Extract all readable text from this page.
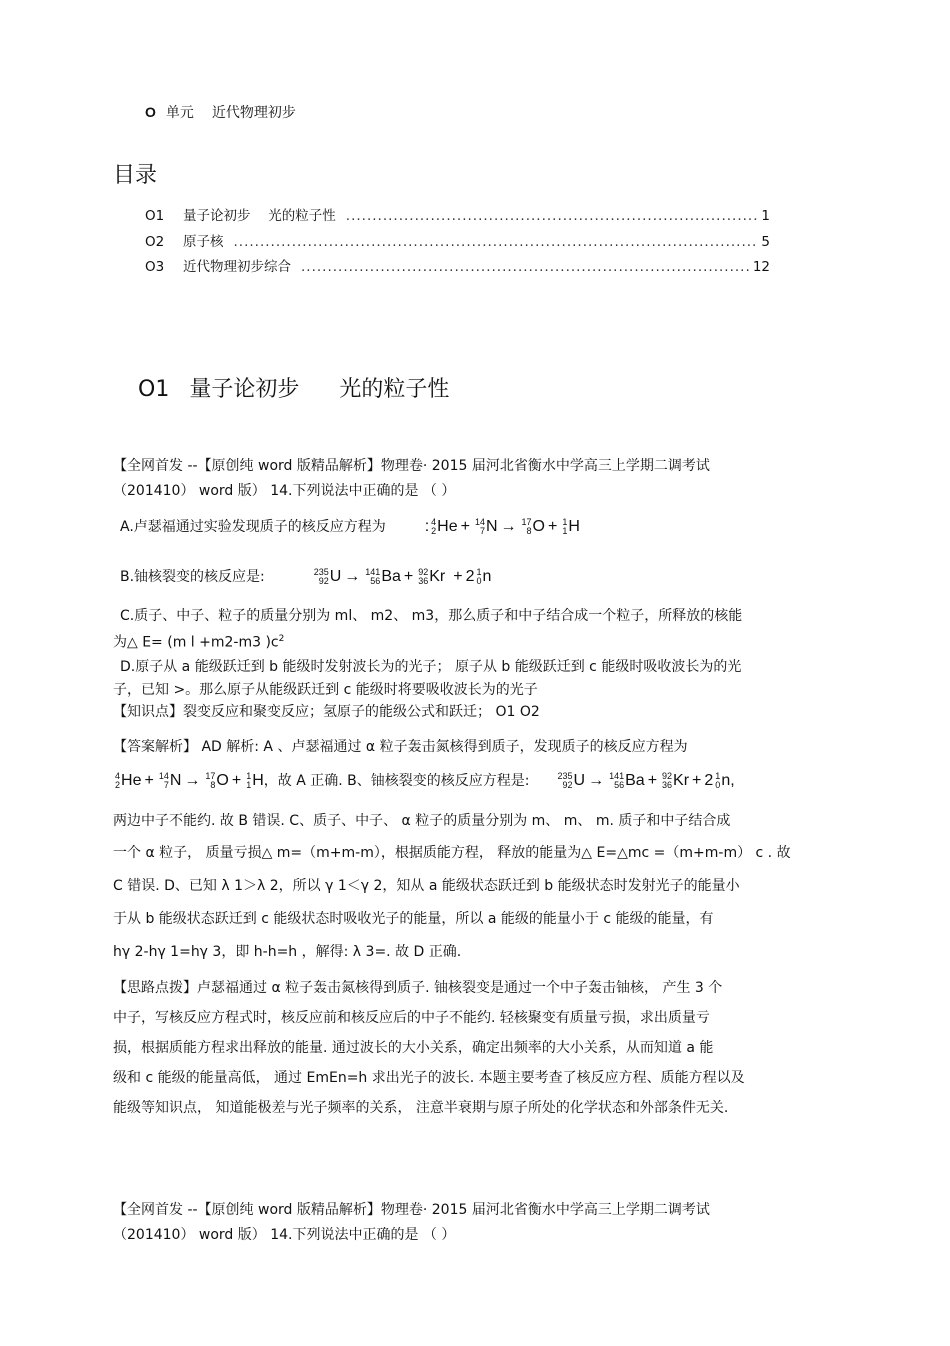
O 单元 近代物理初步
目录
O1	量子论初步　 光的粒子性 .....	1
O2	原子核 .....	5
O3	近代物理初步综合 .....	12
O1 量子论初步 光的粒子性
【全网首发 --【原创纯 word 版精品解析】物理卷· 2015 届河北省衡水中学高三上学期二调考试
（201410） word 版） 14.下列说法中正确的是 （ ）
A.卢瑟福通过实验发现质子的核反应方程为 : 4
2 He + 14
7 N → 17
8 O + 1
1 H
B.铀核裂变的核反应是:	235
92 U → 141
56 Ba + 92
36 Kr + 2 1
0 n
C.质子、中子、粒子的质量分别为 ml、 m2、 m3，那么质子和中子结合成一个粒子，所释放的核能
为△ E= (m l +m2-m3 )$c^2$
D.原子从 a 能级跃迁到 b 能级时发射波长为的光子； 原子从 b 能级跃迁到 c 能级时吸收波长为的光
子，已知 >。那么原子从能级跃迁到 c 能级时将要吸收波长为的光子
【知识点】裂变反应和聚变反应；氢原子的能级公式和跃迁； O1 O2
【答案解析】 AD 解析: A 、卢瑟福通过 α 粒子轰击氮核得到质子，发现质子的核反应方程为
4
2 He + 14
7 N → 17
8 O + 1
1 H，故 A 正确. B、铀核裂变的核反应方程是:	235
92 U → 141
56 Ba + 92
36 Kr + 2 1
0 n,
两边中子不能约. 故 B 错误. C、质子、中子、 α 粒子的质量分别为 m、 m、 m. 质子和中子结合成
一个 α 粒子， 质量亏损△ m=（m+m-m），根据质能方程， 释放的能量为△ E=△mc =（m+m-m） c . 故
C 错误. D、已知 λ 1＞λ 2，所以 γ 1＜γ 2，知从 a 能级状态跃迁到 b 能级状态时发射光子的能量小
于从 b 能级状态跃迁到 c 能级状态时吸收光子的能量，所以 a 能级的能量小于 c 能级的能量，有
hγ 2-hγ 1=hγ 3，即 h-h=h ，解得: λ 3=. 故 D 正确.
【思路点拨】卢瑟福通过 α 粒子轰击氮核得到质子. 铀核裂变是通过一个中子轰击铀核， 产生 3 个
中子，写核反应方程式时，核反应前和核反应后的中子不能约. 轻核聚变有质量亏损，求出质量亏
损，根据质能方程求出释放的能量. 通过波长的大小关系，确定出频率的大小关系，从而知道 a 能
级和 c 能级的能量高低， 通过 EmEn=h 求出光子的波长. 本题主要考查了核反应方程、质能方程以及
能级等知识点， 知道能极差与光子频率的关系， 注意半衰期与原子所处的化学状态和外部条件无关.
【全网首发 --【原创纯 word 版精品解析】物理卷· 2015 届河北省衡水中学高三上学期二调考试
（201410） word 版） 14.下列说法中正确的是 （ ）
